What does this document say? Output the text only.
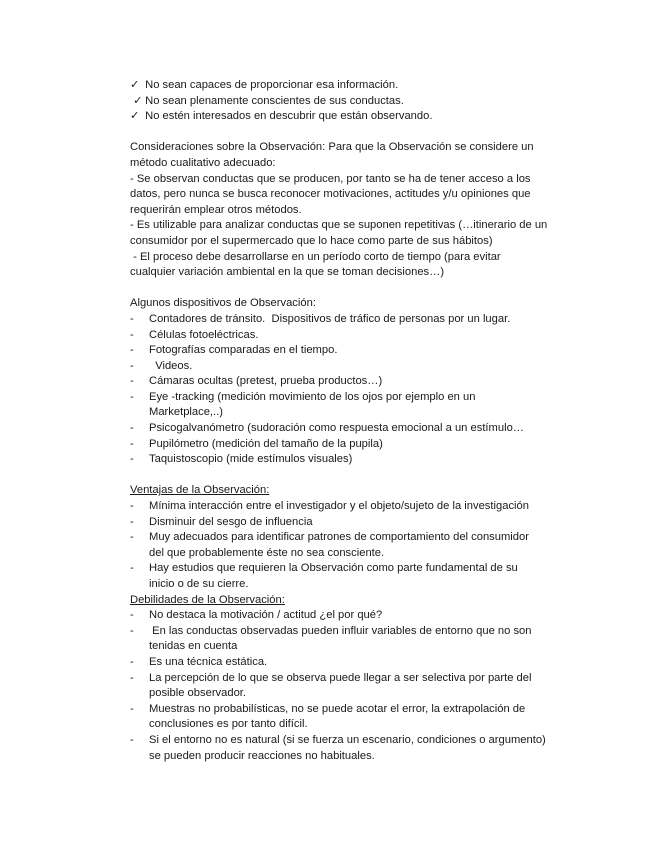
✓ No sean capaces de proporcionar esa información.
✓ No sean plenamente conscientes de sus conductas.
✓ No estén interesados en descubrir que están observando.
Consideraciones sobre la Observación: Para que la Observación se considere un
método cualitativo adecuado:
- Se observan conductas que se producen, por tanto se ha de tener acceso a los
datos, pero nunca se busca reconocer motivaciones, actitudes y/u opiniones que
requerirán emplear otros métodos.
- Es utilizable para analizar conductas que se suponen repetitivas (…itinerario de un
consumidor por el supermercado que lo hace como parte de sus hábitos)
- El proceso debe desarrollarse en un período corto de tiempo (para evitar
cualquier variación ambiental en la que se toman decisiones…)
Algunos dispositivos de Observación:
- Contadores de tránsito.  Dispositivos de tráfico de personas por un lugar.
- Células fotoeléctricas.
- Fotografías comparadas en el tiempo.
- Videos.
- Cámaras ocultas (pretest, prueba productos…)
- Eye -tracking (medición movimiento de los ojos por ejemplo en un
Marketplace,..)
- Psicogalvanómetro (sudoración como respuesta emocional a un estímulo…
- Pupilómetro (medición del tamaño de la pupila)
- Taquistoscopio (mide estímulos visuales)
Ventajas de la Observación:
- Mínima interacción entre el investigador y el objeto/sujeto de la investigación
- Disminuir del sesgo de influencia
- Muy adecuados para identificar patrones de comportamiento del consumidor
del que probablemente éste no sea consciente.
- Hay estudios que requieren la Observación como parte fundamental de su
inicio o de su cierre.
Debilidades de la Observación:
- No destaca la motivación / actitud ¿el por qué?
- En las conductas observadas pueden influir variables de entorno que no son
tenidas en cuenta
- Es una técnica estática.
- La percepción de lo que se observa puede llegar a ser selectiva por parte del
posible observador.
- Muestras no probabilísticas, no se puede acotar el error, la extrapolación de
conclusiones es por tanto difícil.
- Si el entorno no es natural (si se fuerza un escenario, condiciones o argumento)
se pueden producir reacciones no habituales.
